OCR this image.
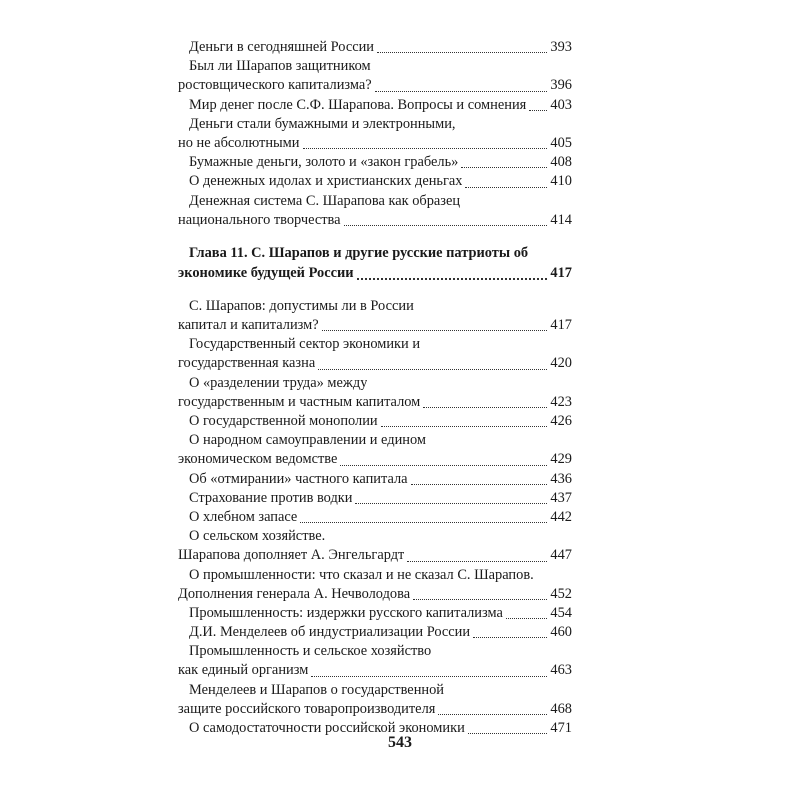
Деньги в сегодняшней России	393
Был ли Шарапов защитником
ростовщического капитализма?	396
Мир денег после С.Ф. Шарапова. Вопросы и сомнения 403
Деньги стали бумажными и электронными,
но не абсолютными	405
Бумажные деньги, золото и «закон грабель»	408
О денежных идолах и христианских деньгах	410
Денежная система С. Шарапова как образец
национального творчества	414
Глава 11. С. Шарапов и другие русские патриоты об
экономике будущей России	417
С. Шарапов: допустимы ли в России
капитал и капитализм?	417
Государственный сектор экономики и
государственная казна	420
О «разделении труда» между
государственным и частным капиталом	423
О государственной монополии	426
О народном самоуправлении и едином
экономическом ведомстве	429
Об «отмирании» частного капитала	436
Страхование против водки	437
О хлебном запасе	442
О сельском хозяйстве.
Шарапова дополняет А. Энгельгардт	447
О промышленности: что сказал и не сказал С. Шарапов.
Дополнения генерала А. Нечволодова	452
Промышленность: издержки русского капитализма	454
Д.И. Менделеев об индустриализации России	460
Промышленность и сельское хозяйство
как единый организм	463
Менделеев и Шарапов о государственной
защите российского товаропроизводителя	468
О самодостаточности российской экономики	471
543
